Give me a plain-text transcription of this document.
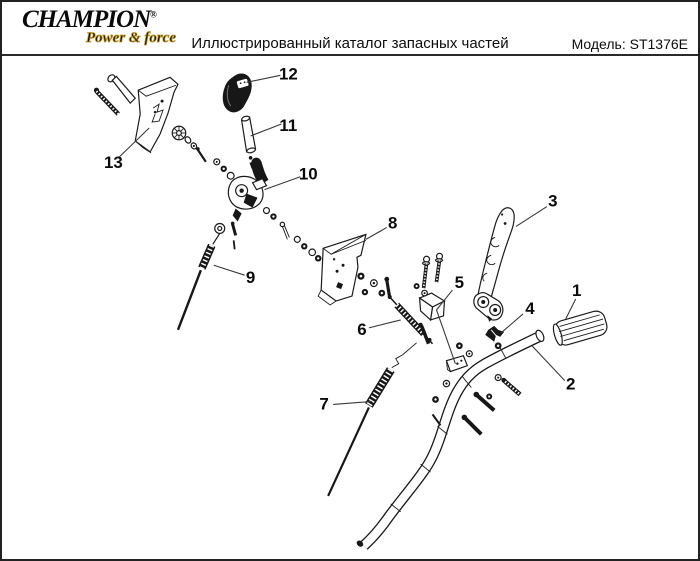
CHAMPION®
Power & force	Иллюстрированный каталог запасных частей	Модель: ST1376E
1
2
3
4
5
6
7
8
9
10
11
12
13
